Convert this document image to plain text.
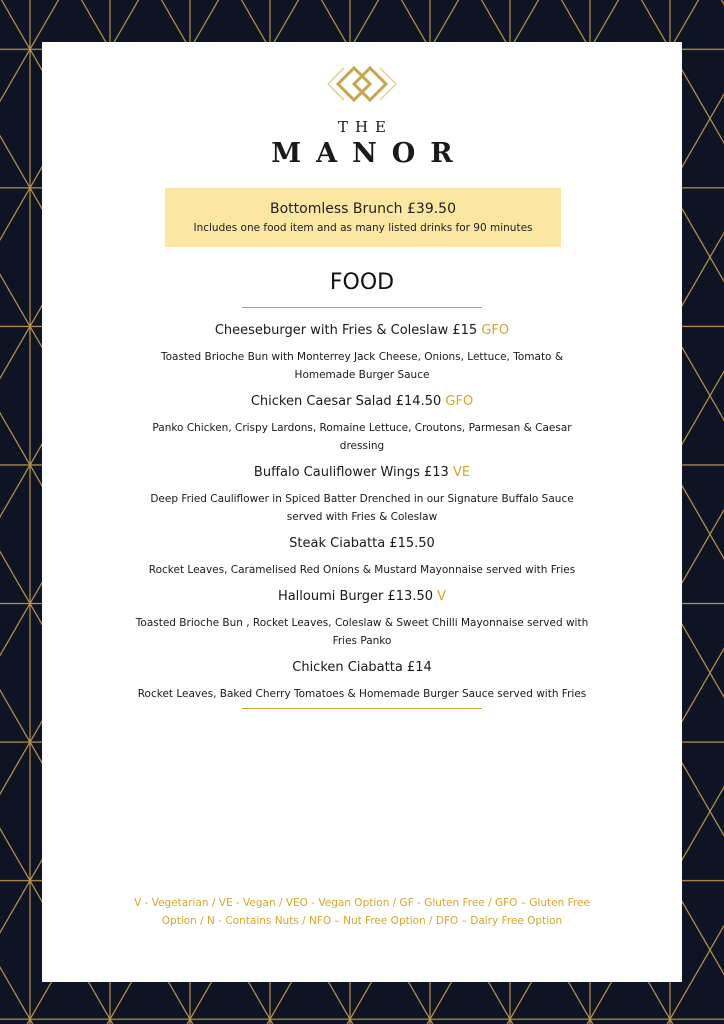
THE
MANOR
Bottomless Brunch £39.50
Includes one food item and as many listed drinks for 90 minutes
FOOD

Cheeseburger with Fries & Coleslaw £15 GFO

Toasted Brioche Bun with Monterrey Jack Cheese, Onions, Lettuce, Tomato & Homemade Burger Sauce

Chicken Caesar Salad £14.50 GFO

Panko Chicken, Crispy Lardons, Romaine Lettuce, Croutons, Parmesan & Caesar dressing

Buffalo Cauliflower Wings £13 VE

Deep Fried Cauliflower in Spiced Batter Drenched in our Signature Buffalo Sauce served with Fries & Coleslaw

Steak Ciabatta £15.50

Rocket Leaves, Caramelised Red Onions & Mustard Mayonnaise served with Fries

Halloumi Burger £13.50 V

Toasted Brioche Bun , Rocket Leaves, Coleslaw & Sweet Chilli Mayonnaise served with Fries Panko

Chicken Ciabatta £14

Rocket Leaves, Baked Cherry Tomatoes & Homemade Burger Sauce served with Fries

V - Vegetarian / VE - Vegan / VEO - Vegan Option / GF - Gluten Free / GFO – Gluten Free Option / N - Contains Nuts / NFO – Nut Free Option / DFO – Dairy Free Option
